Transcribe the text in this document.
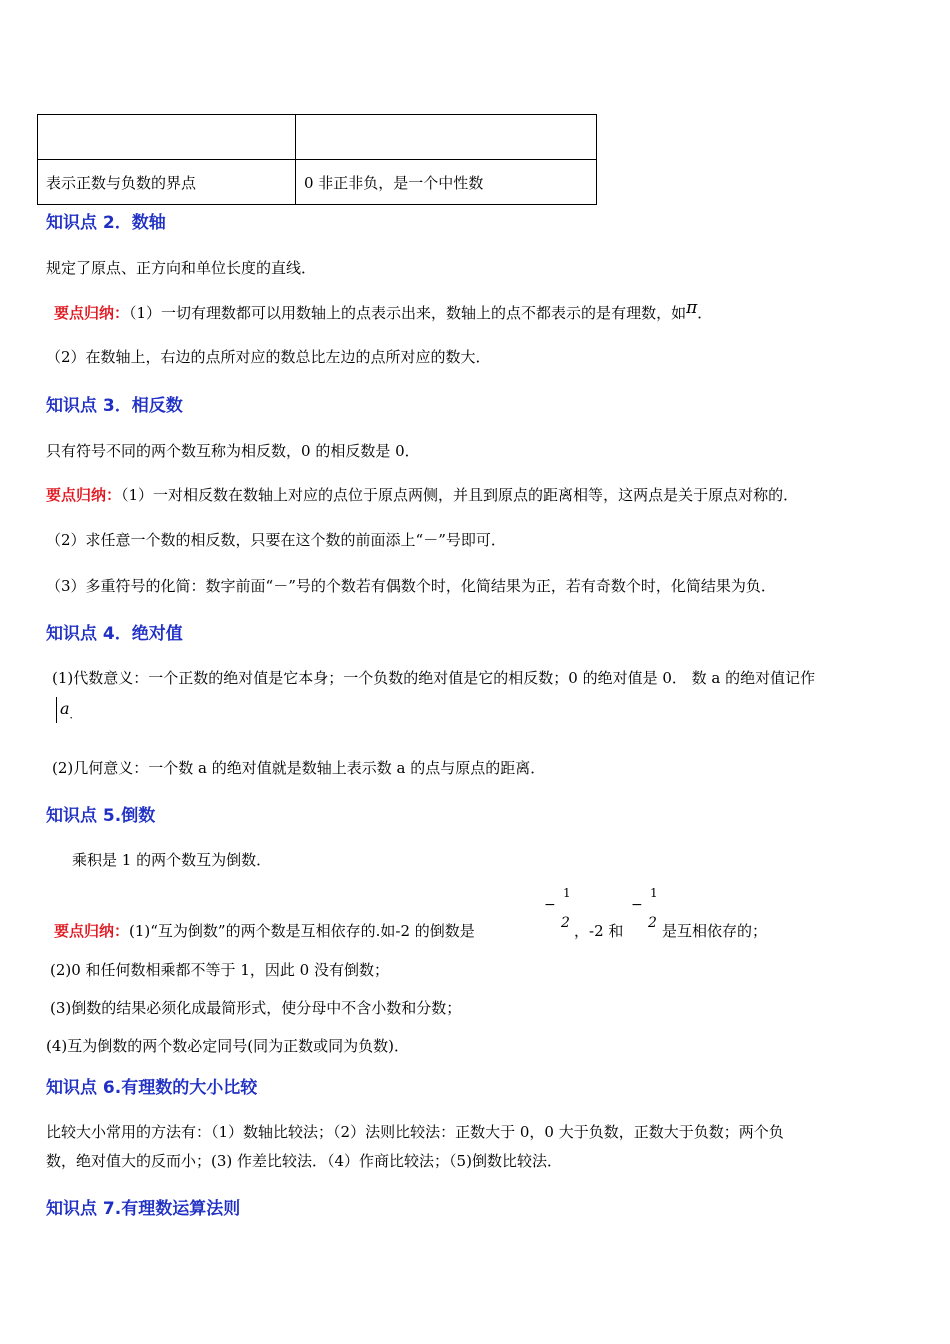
表示正数与负数的界点	0 非正非负，是一个中性数
知识点 2．数轴
规定了原点、正方向和单位长度的直线．
要点归纳：（1）一切有理数都可以用数轴上的点表示出来，数轴上的点不都表示的是有理数，如π．
（2）在数轴上，右边的点所对应的数总比左边的点所对应的数大．
知识点 3．相反数
只有符号不同的两个数互称为相反数，0 的相反数是 0．
要点归纳：（1）一对相反数在数轴上对应的点位于原点两侧，并且到原点的距离相等，这两点是关于原点对称的．
（2）求任意一个数的相反数，只要在这个数的前面添上“－”号即可．
（3）多重符号的化简：数字前面“－”号的个数若有偶数个时，化简结果为正，若有奇数个时，化简结果为负．
知识点 4．绝对值
(1)代数意义：一个正数的绝对值是它本身；一个负数的绝对值是它的相反数；0 的绝对值是 0． 数 a 的绝对值记作
$a_.$
(2)几何意义：一个数 a 的绝对值就是数轴上表示数 a 的点与原点的距离．
知识点 5.倒数
乘积是 1 的两个数互为倒数．
−
1
2
−
1
2
要点归纳：(1)“互为倒数”的两个数是互相依存的.如-2 的倒数是	，-2 和	是互相依存的；
(2)0 和任何数相乘都不等于 1，因此 0 没有倒数；
(3)倒数的结果必须化成最简形式，使分母中不含小数和分数；
(4)互为倒数的两个数必定同号(同为正数或同为负数)．
知识点 6.有理数的大小比较
比较大小常用的方法有：（1）数轴比较法；（2）法则比较法：正数大于 0，0 大于负数，正数大于负数；两个负
数，绝对值大的反而小；(3) 作差比较法．（4）作商比较法；（5)倒数比较法．
知识点 7.有理数运算法则
